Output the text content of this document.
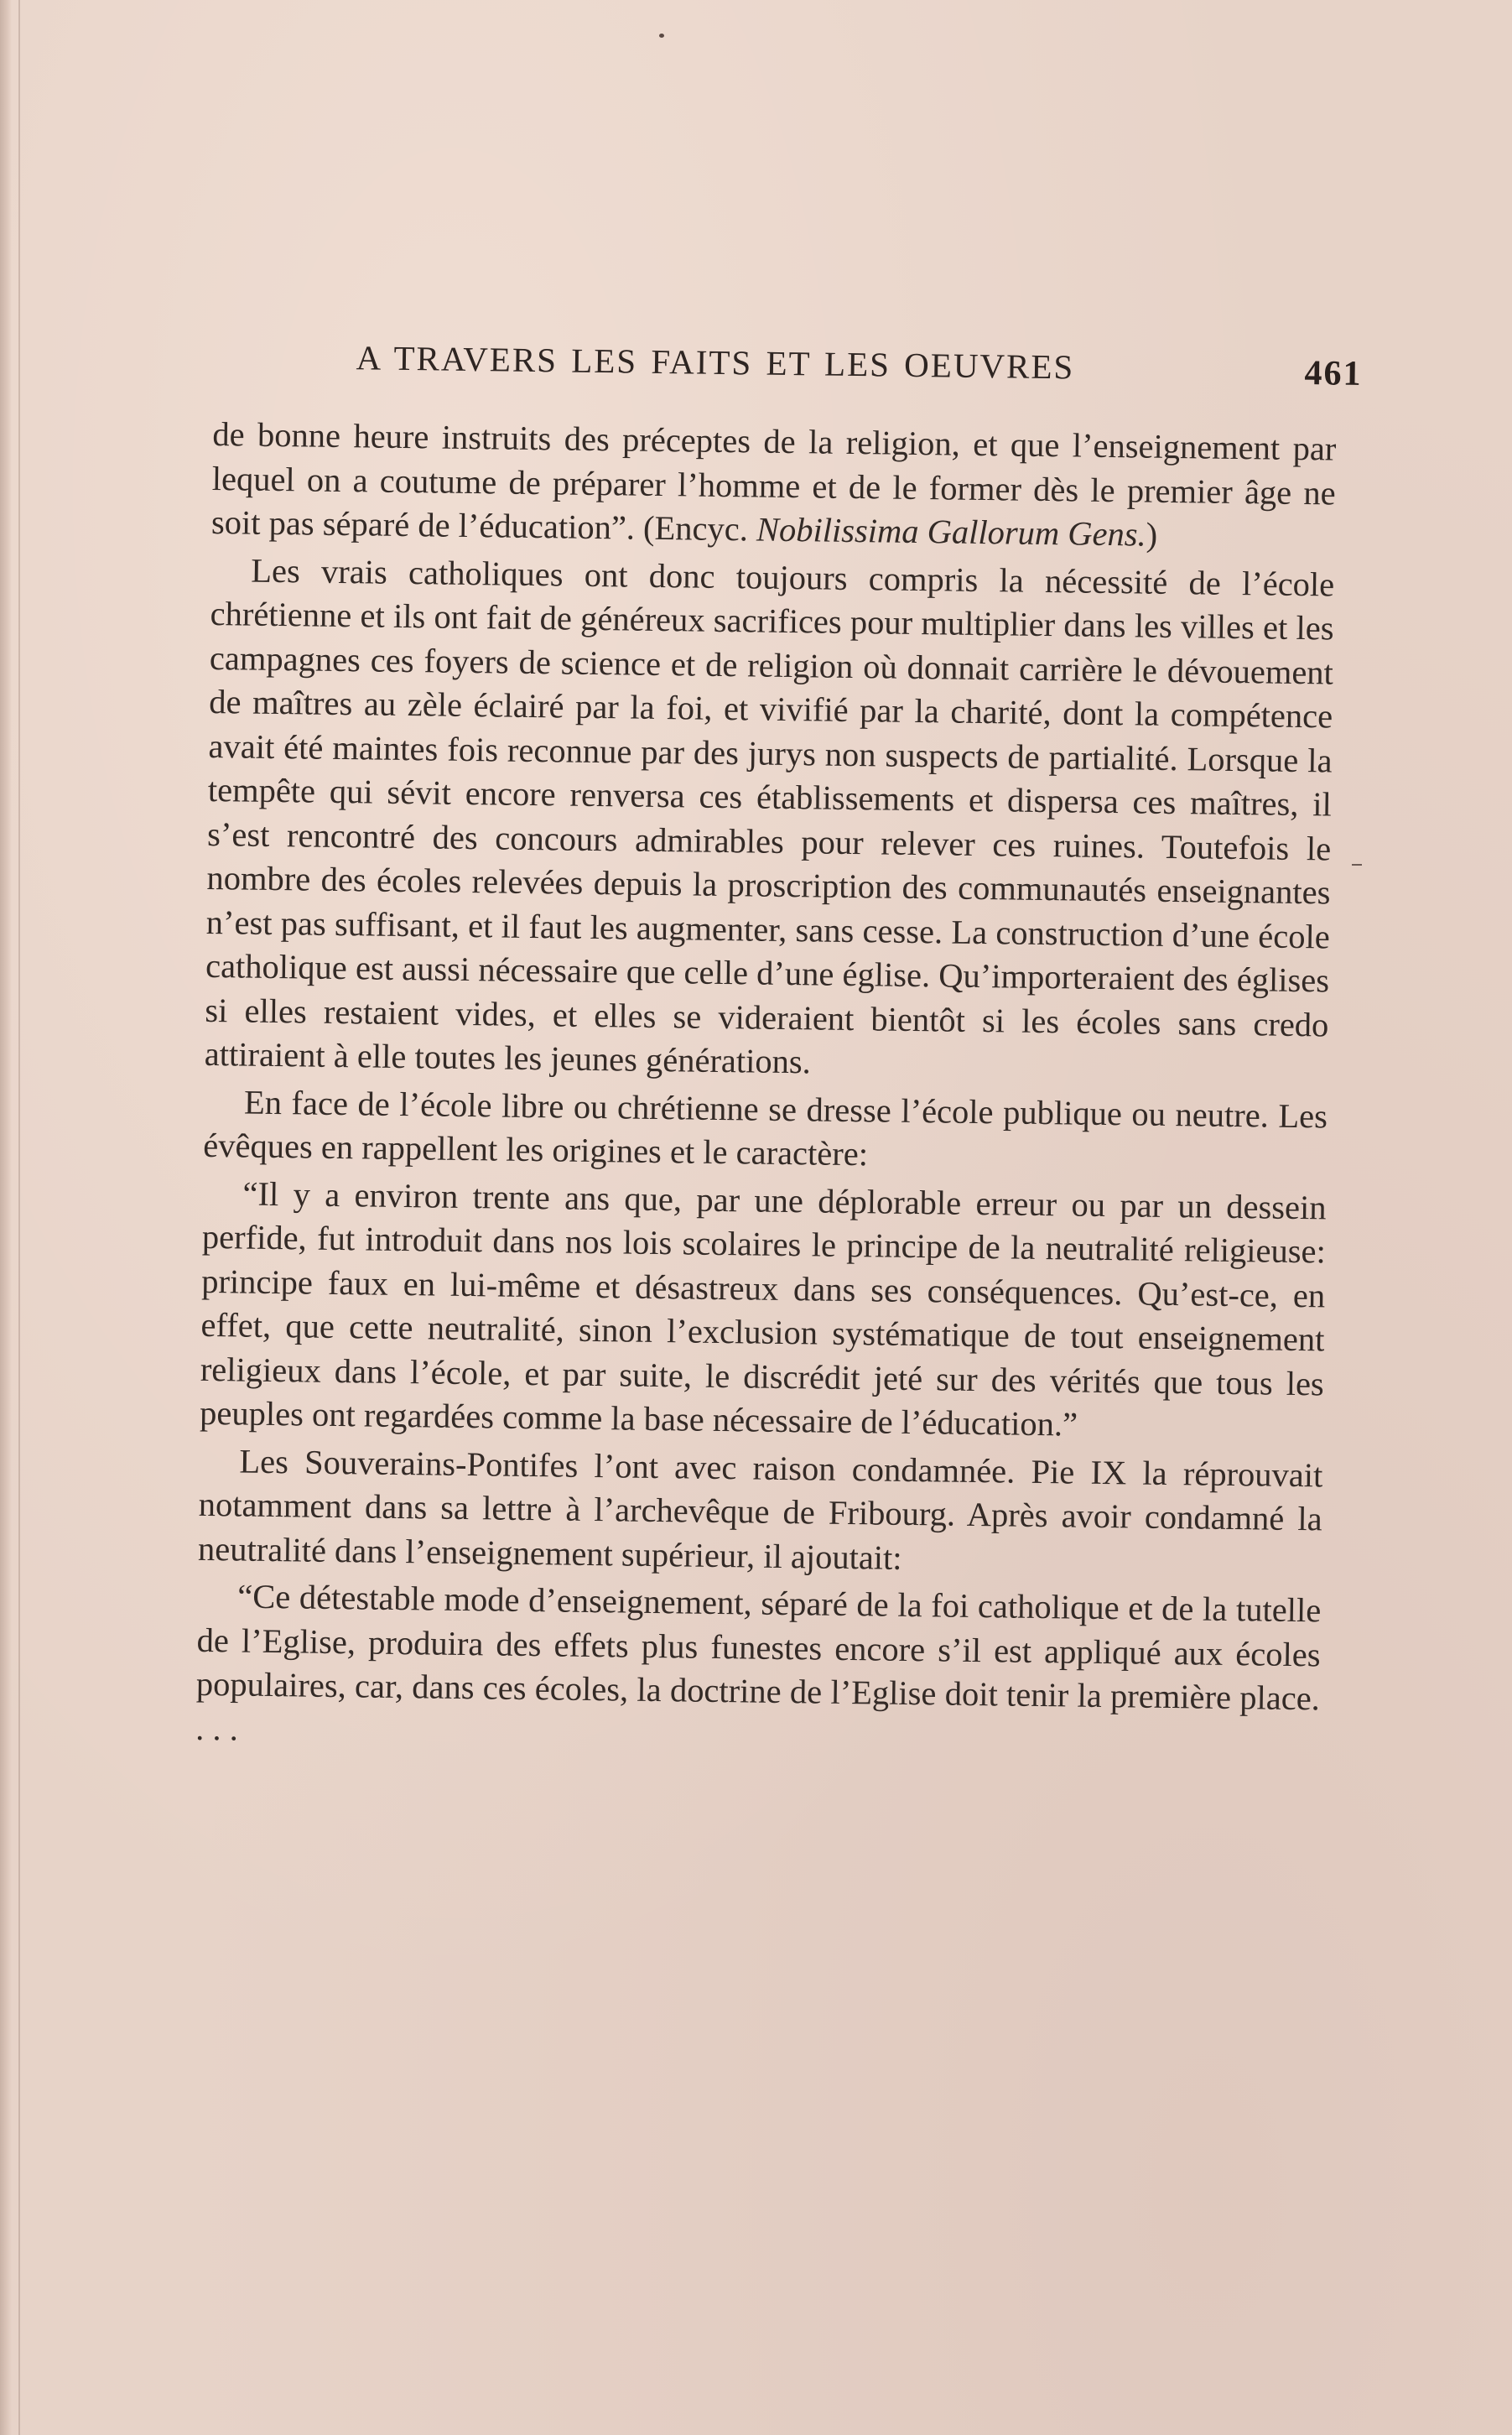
A TRAVERS LES FAITS ET LES OEUVRES	461

de bonne heure instruits des préceptes de la religion, et que l’enseignement par lequel on a coutume de préparer l’homme et de le former dès le premier âge ne soit pas séparé de l’éducation”. (Encyc. Nobilissima Gallorum Gens.)

Les vrais catholiques ont donc toujours compris la nécessité de l’école chrétienne et ils ont fait de généreux sacrifices pour multiplier dans les villes et les campagnes ces foyers de science et de religion où donnait carrière le dévouement de maîtres au zèle éclairé par la foi, et vivifié par la charité, dont la compétence avait été maintes fois reconnue par des jurys non suspects de partialité. Lorsque la tempête qui sévit encore renversa ces établissements et dispersa ces maîtres, il s’est rencontré des concours admirables pour relever ces ruines. Toutefois le nombre des écoles relevées depuis la proscription des communautés enseignantes n’est pas suffisant, et il faut les augmenter, sans cesse. La construction d’une école catholique est aussi nécessaire que celle d’une église. Qu’importeraient des églises si elles restaient vides, et elles se videraient bientôt si les écoles sans credo attiraient à elle toutes les jeunes générations.

En face de l’école libre ou chrétienne se dresse l’école publique ou neutre. Les évêques en rappellent les origines et le caractère:

“Il y a environ trente ans que, par une déplorable erreur ou par un dessein perfide, fut introduit dans nos lois scolaires le principe de la neutralité religieuse: principe faux en lui-même et désastreux dans ses conséquences. Qu’est-ce, en effet, que cette neutralité, sinon l’exclusion systématique de tout enseignement religieux dans l’école, et par suite, le discrédit jeté sur des vérités que tous les peuples ont regardées comme la base nécessaire de l’éducation.”

Les Souverains-Pontifes l’ont avec raison condamnée. Pie IX la réprouvait notamment dans sa lettre à l’archevêque de Fribourg. Après avoir condamné la neutralité dans l’enseignement supérieur, il ajoutait:

“Ce détestable mode d’enseignement, séparé de la foi catholique et de la tutelle de l’Eglise, produira des effets plus funestes encore s’il est appliqué aux écoles populaires, car, dans ces écoles, la doctrine de l’Eglise doit tenir la première place. . . .
